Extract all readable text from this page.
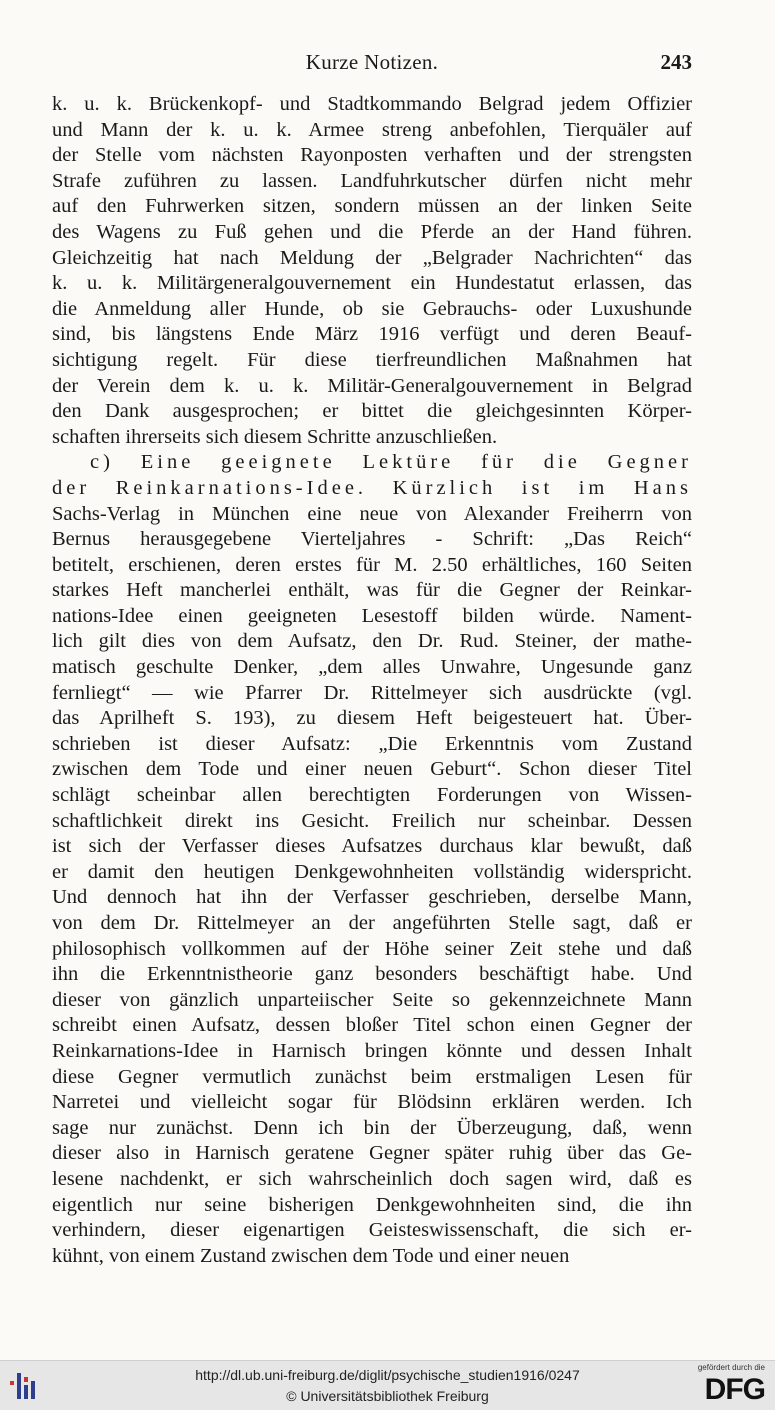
Kurze Notizen.	243
k. u. k. Brückenkopf- und Stadtkommando Belgrad jedem Offizier
und Mann der k. u. k. Armee streng anbefohlen, Tierquäler auf
der Stelle vom nächsten Rayonposten verhaften und der strengsten
Strafe zuführen zu lassen. Landfuhrkutscher dürfen nicht mehr
auf den Fuhrwerken sitzen, sondern müssen an der linken Seite
des Wagens zu Fuß gehen und die Pferde an der Hand führen.
Gleichzeitig hat nach Meldung der „Belgrader Nachrichten“ das
k. u. k. Militärgeneralgouvernement ein Hundestatut erlassen, das
die Anmeldung aller Hunde, ob sie Gebrauchs- oder Luxushunde
sind, bis längstens Ende März 1916 verfügt und deren Beauf-
sichtigung regelt. Für diese tierfreundlichen Maßnahmen hat
der Verein dem k. u. k. Militär-Generalgouvernement in Belgrad
den Dank ausgesprochen; er bittet die gleichgesinnten Körper-
schaften ihrerseits sich diesem Schritte anzuschließen.
c) Eine geeignete Lektüre für die Gegner
der Reinkarnations-Idee. Kürzlich ist im Hans
Sachs-Verlag in München eine neue von Alexander Freiherrn von
Bernus herausgegebene Vierteljahres - Schrift: „Das Reich“
betitelt, erschienen, deren erstes für M. 2.50 erhältliches, 160 Seiten
starkes Heft mancherlei enthält, was für die Gegner der Reinkar-
nations-Idee einen geeigneten Lesestoff bilden würde. Nament-
lich gilt dies von dem Aufsatz, den Dr. Rud. Steiner, der mathe-
matisch geschulte Denker, „dem alles Unwahre, Ungesunde ganz
fernliegt“ — wie Pfarrer Dr. Rittelmeyer sich ausdrückte (vgl.
das Aprilheft S. 193), zu diesem Heft beigesteuert hat. Über-
schrieben ist dieser Aufsatz: „Die Erkenntnis vom Zustand
zwischen dem Tode und einer neuen Geburt“. Schon dieser Titel
schlägt scheinbar allen berechtigten Forderungen von Wissen-
schaftlichkeit direkt ins Gesicht. Freilich nur scheinbar. Dessen
ist sich der Verfasser dieses Aufsatzes durchaus klar bewußt, daß
er damit den heutigen Denkgewohnheiten vollständig widerspricht.
Und dennoch hat ihn der Verfasser geschrieben, derselbe Mann,
von dem Dr. Rittelmeyer an der angeführten Stelle sagt, daß er
philosophisch vollkommen auf der Höhe seiner Zeit stehe und daß
ihn die Erkenntnistheorie ganz besonders beschäftigt habe. Und
dieser von gänzlich unparteiischer Seite so gekennzeichnete Mann
schreibt einen Aufsatz, dessen bloßer Titel schon einen Gegner der
Reinkarnations-Idee in Harnisch bringen könnte und dessen Inhalt
diese Gegner vermutlich zunächst beim erstmaligen Lesen für
Narretei und vielleicht sogar für Blödsinn erklären werden. Ich
sage nur zunächst. Denn ich bin der Überzeugung, daß, wenn
dieser also in Harnisch geratene Gegner später ruhig über das Ge-
lesene nachdenkt, er sich wahrscheinlich doch sagen wird, daß es
eigentlich nur seine bisherigen Denkgewohnheiten sind, die ihn
verhindern, dieser eigenartigen Geisteswissenschaft, die sich er-
kühnt, von einem Zustand zwischen dem Tode und einer neuen
http://dl.ub.uni-freiburg.de/diglit/psychische_studien1916/0247
© Universitätsbibliothek Freiburg
gefördert durch die
DFG
